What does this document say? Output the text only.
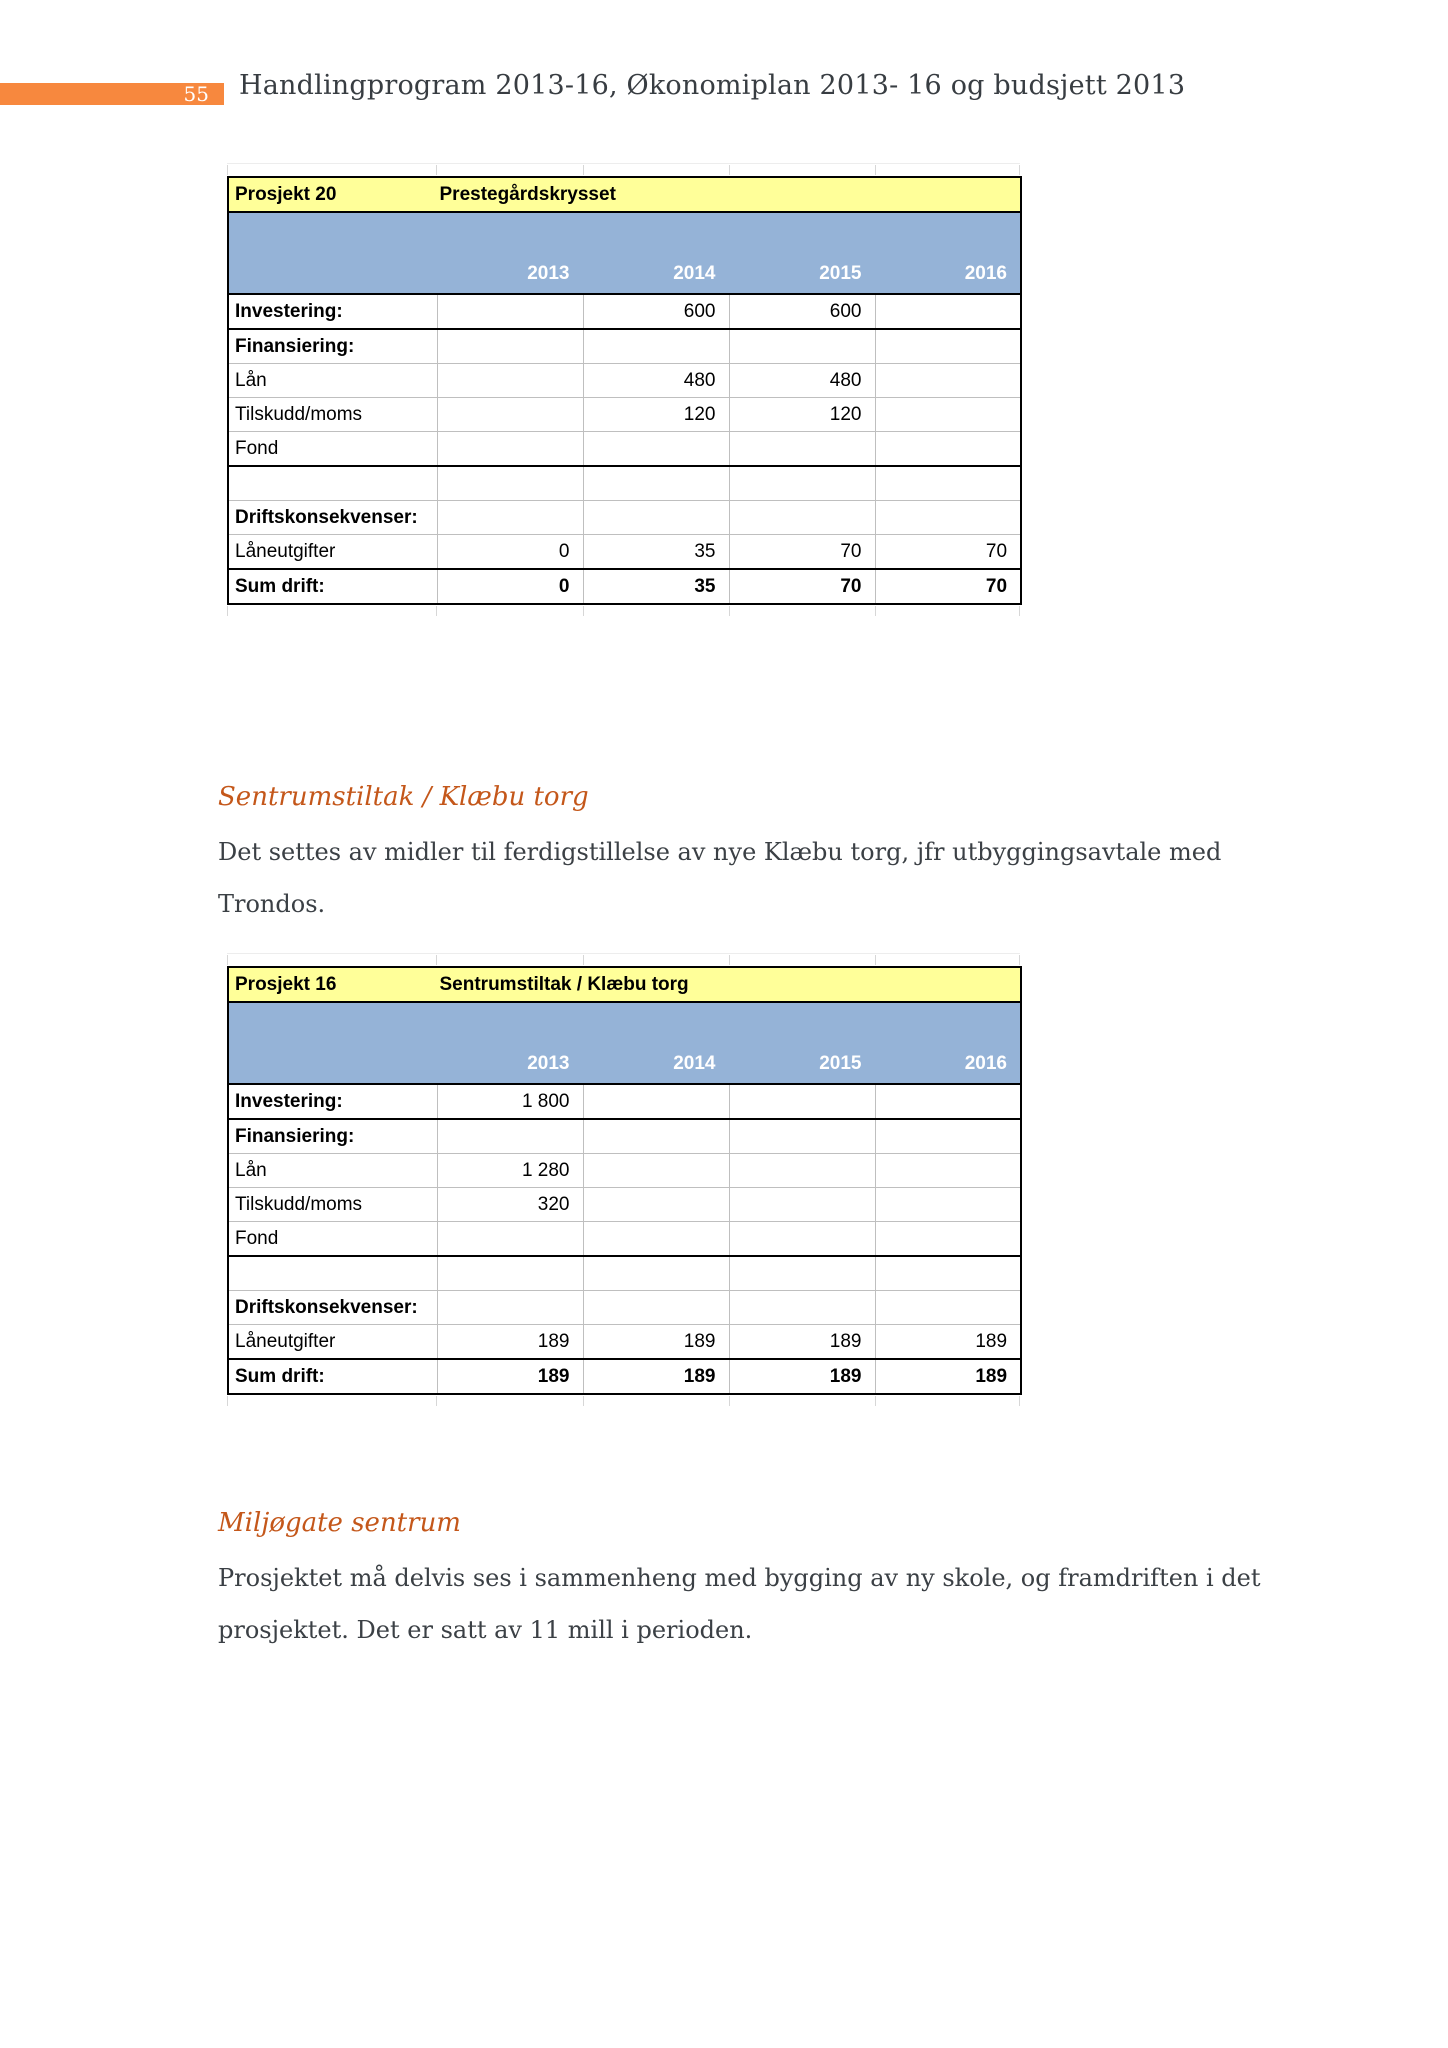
55	Handlingprogram 2013-16, Økonomiplan 2013- 16 og budsjett 2013
Prosjekt 20	Prestegårdskrysset			
	2013	2014	2015	2016
Investering:		600	600	
Finansiering:				
Lån		480	480	
Tilskudd/moms		120	120	
Fond				

Driftskonsekvenser:				
Låneutgifter	0	35	70	70
Sum drift:	0	35	70	70
Sentrumstiltak / Klæbu torg
Det settes av midler til ferdigstillelse av nye Klæbu torg, jfr utbyggingsavtale med Trondos.
Prosjekt 16	Sentrumstiltak / Klæbu torg			
	2013	2014	2015	2016
Investering:	1 800			
Finansiering:				
Lån	1 280			
Tilskudd/moms	320			
Fond				

Driftskonsekvenser:				
Låneutgifter	189	189	189	189
Sum drift:	189	189	189	189
Miljøgate sentrum
Prosjektet må delvis ses i sammenheng med bygging av ny skole, og framdriften i det prosjektet. Det er satt av 11 mill i perioden.
